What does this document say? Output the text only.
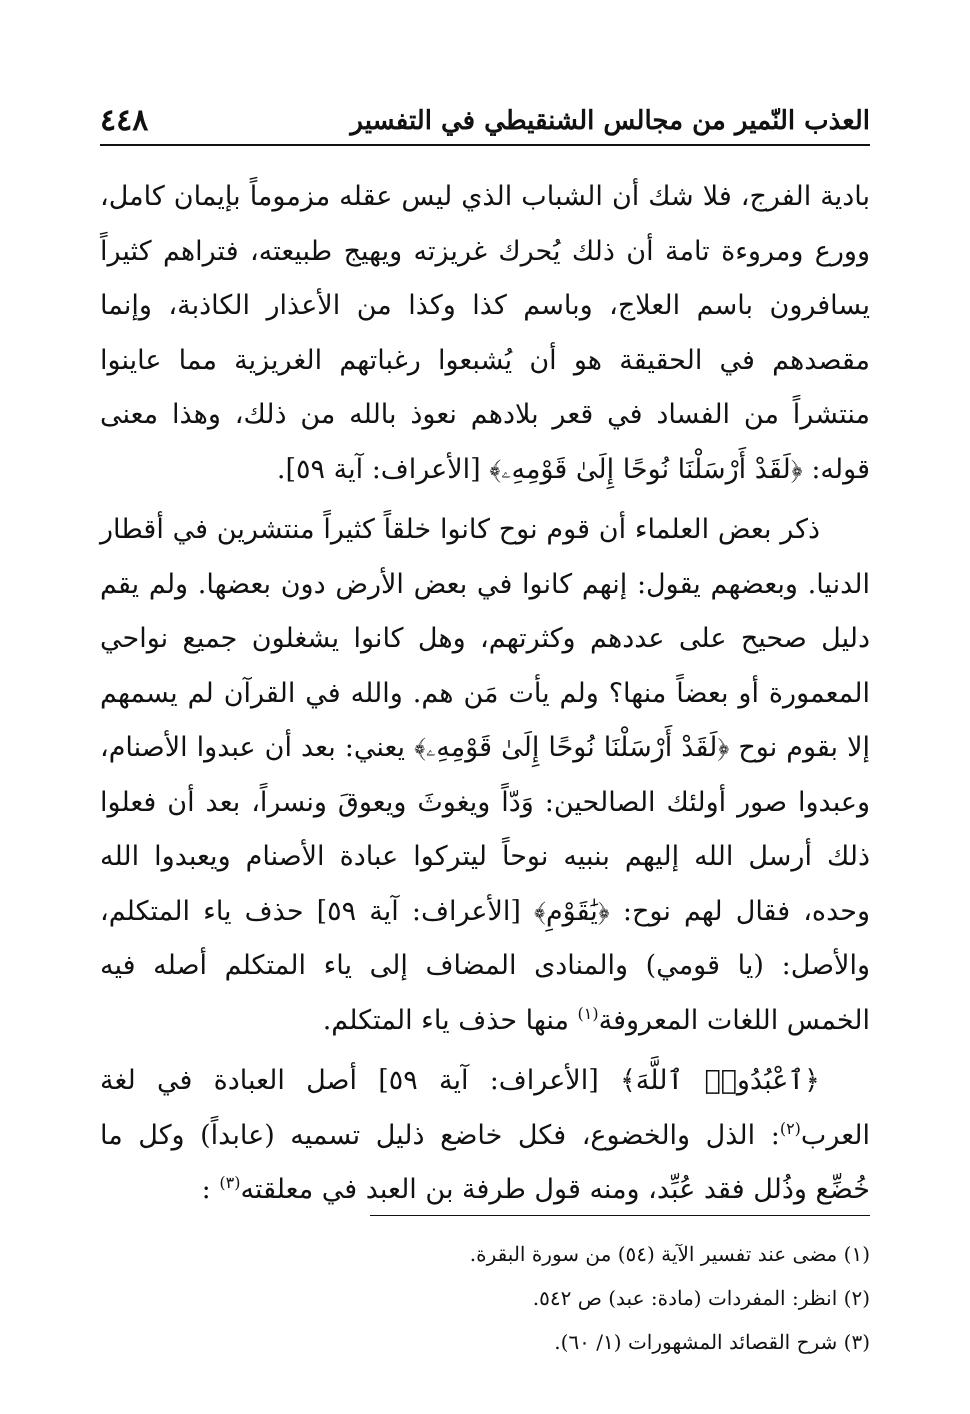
العذب النّمير من مجالس الشنقيطي في التفسير
٤٤٨

بادية الفرج، فلا شك أن الشباب الذي ليس عقله مزموماً بإيمان كامل، وورع ومروءة تامة أن ذلك يُحرك غريزته ويهيج طبيعته، فتراهم كثيراً يسافرون باسم العلاج، وباسم كذا وكذا من الأعذار الكاذبة، وإنما مقصدهم في الحقيقة هو أن يُشبعوا رغباتهم الغريزية مما عاينوا منتشراً من الفساد في قعر بلادهم نعوذ بالله من ذلك، وهذا معنى قوله: ﴿لَقَدْ أَرْسَلْنَا نُوحًا إِلَىٰ قَوْمِهِۦ﴾ [الأعراف: آية ٥٩].

ذكر بعض العلماء أن قوم نوح كانوا خلقاً كثيراً منتشرين في أقطار الدنيا. وبعضهم يقول: إنهم كانوا في بعض الأرض دون بعضها. ولم يقم دليل صحيح على عددهم وكثرتهم، وهل كانوا يشغلون جميع نواحي المعمورة أو بعضاً منها؟ ولم يأت مَن هم. والله في القرآن لم يسمهم إلا بقوم نوح ﴿لَقَدْ أَرْسَلْنَا نُوحًا إِلَىٰ قَوْمِهِۦ﴾ يعني: بعد أن عبدوا الأصنام، وعبدوا صور أولئك الصالحين: وَدّاً ويغوثَ ويعوقَ ونسراً، بعد أن فعلوا ذلك أرسل الله إليهم بنبيه نوحاً ليتركوا عبادة الأصنام ويعبدوا الله وحده، فقال لهم نوح: ﴿يَٰقَوْمِ﴾ [الأعراف: آية ٥٩] حذف ياء المتكلم، والأصل: (يا قومي) والمنادى المضاف إلى ياء المتكلم أصله فيه الخمس اللغات المعروفة$^{(١)}$ منها حذف ياء المتكلم.

﴿ٱعْبُدُوا۟ ٱللَّهَ﴾ [الأعراف: آية ٥٩] أصل العبادة في لغة العرب$^{(٢)}$: الذل والخضوع، فكل خاضع ذليل تسميه (عابداً) وكل ما خُضِّع وذُلل فقد عُبِّد، ومنه قول طرفة بن العبد في معلقته$^{(٣)}$ :

(١) مضى عند تفسير الآية (٥٤) من سورة البقرة.

(٢) انظر: المفردات (مادة: عبد) ص ٥٤٢.

(٣) شرح القصائد المشهورات (١/ ٦٠).
